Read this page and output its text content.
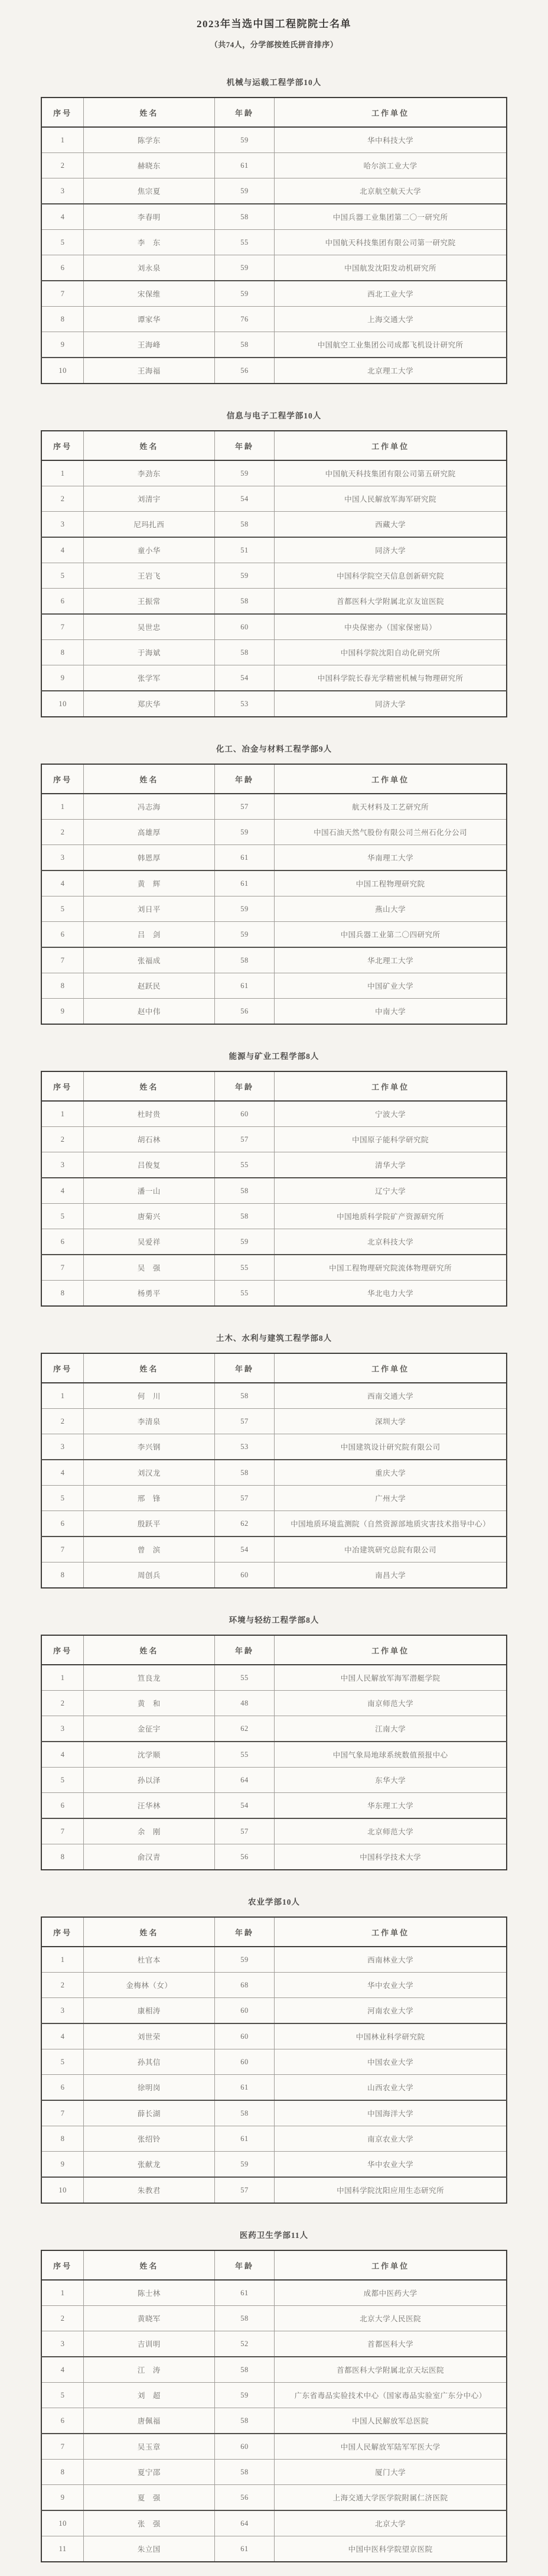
2023年当选中国工程院院士名单
（共74人，分学部按姓氏拼音排序）
机械与运载工程学部10人
序号	姓名	年龄	工作单位
1	陈学东	59	华中科技大学
2	赫晓东	61	哈尔滨工业大学
3	焦宗夏	59	北京航空航天大学
4	李春明	58	中国兵器工业集团第二〇一研究所
5	李　东	55	中国航天科技集团有限公司第一研究院
6	刘永泉	59	中国航发沈阳发动机研究所
7	宋保维	59	西北工业大学
8	谭家华	76	上海交通大学
9	王海峰	58	中国航空工业集团公司成都飞机设计研究所
10	王海福	56	北京理工大学
信息与电子工程学部10人
序号	姓名	年龄	工作单位
1	李劲东	59	中国航天科技集团有限公司第五研究院
2	刘清宇	54	中国人民解放军海军研究院
3	尼玛扎西	58	西藏大学
4	童小华	51	同济大学
5	王岩飞	59	中国科学院空天信息创新研究院
6	王振常	58	首都医科大学附属北京友谊医院
7	吴世忠	60	中央保密办（国家保密局）
8	于海斌	58	中国科学院沈阳自动化研究所
9	张学军	54	中国科学院长春光学精密机械与物理研究所
10	郑庆华	53	同济大学
化工、冶金与材料工程学部9人
序号	姓名	年龄	工作单位
1	冯志海	57	航天材料及工艺研究所
2	高雄厚	59	中国石油天然气股份有限公司兰州石化分公司
3	韩恩厚	61	华南理工大学
4	黄　辉	61	中国工程物理研究院
5	刘日平	59	燕山大学
6	吕　剑	59	中国兵器工业第二〇四研究所
7	张福成	58	华北理工大学
8	赵跃民	61	中国矿业大学
9	赵中伟	56	中南大学
能源与矿业工程学部8人
序号	姓名	年龄	工作单位
1	杜时贵	60	宁波大学
2	胡石林	57	中国原子能科学研究院
3	吕俊复	55	清华大学
4	潘一山	58	辽宁大学
5	唐菊兴	58	中国地质科学院矿产资源研究所
6	吴爱祥	59	北京科技大学
7	吴　强	55	中国工程物理研究院流体物理研究所
8	杨勇平	55	华北电力大学
土木、水利与建筑工程学部8人
序号	姓名	年龄	工作单位
1	何　川	58	西南交通大学
2	李清泉	57	深圳大学
3	李兴钢	53	中国建筑设计研究院有限公司
4	刘汉龙	58	重庆大学
5	邢　锋	57	广州大学
6	殷跃平	62	中国地质环境监测院（自然资源部地质灾害技术指导中心）
7	曾　滨	54	中冶建筑研究总院有限公司
8	周创兵	60	南昌大学
环境与轻纺工程学部8人
序号	姓名	年龄	工作单位
1	笪良龙	55	中国人民解放军海军潜艇学院
2	黄　和	48	南京师范大学
3	金征宇	62	江南大学
4	沈学顺	55	中国气象局地球系统数值预报中心
5	孙以泽	64	东华大学
6	汪华林	54	华东理工大学
7	余　刚	57	北京师范大学
8	俞汉青	56	中国科学技术大学
农业学部10人
序号	姓名	年龄	工作单位
1	杜官本	59	西南林业大学
2	金梅林（女）	68	华中农业大学
3	康相涛	60	河南农业大学
4	刘世荣	60	中国林业科学研究院
5	孙其信	60	中国农业大学
6	徐明岗	61	山西农业大学
7	薛长湖	58	中国海洋大学
8	张绍铃	61	南京农业大学
9	张献龙	59	华中农业大学
10	朱教君	57	中国科学院沈阳应用生态研究所
医药卫生学部11人
序号	姓名	年龄	工作单位
1	陈士林	61	成都中医药大学
2	黄晓军	58	北京大学人民医院
3	吉训明	52	首都医科大学
4	江　涛	58	首都医科大学附属北京天坛医院
5	刘　超	59	广东省毒品实验技术中心（国家毒品实验室广东分中心）
6	唐佩福	58	中国人民解放军总医院
7	吴玉章	60	中国人民解放军陆军军医大学
8	夏宁邵	58	厦门大学
9	夏　强	56	上海交通大学医学院附属仁济医院
10	张　强	64	北京大学
11	朱立国	61	中国中医科学院望京医院
